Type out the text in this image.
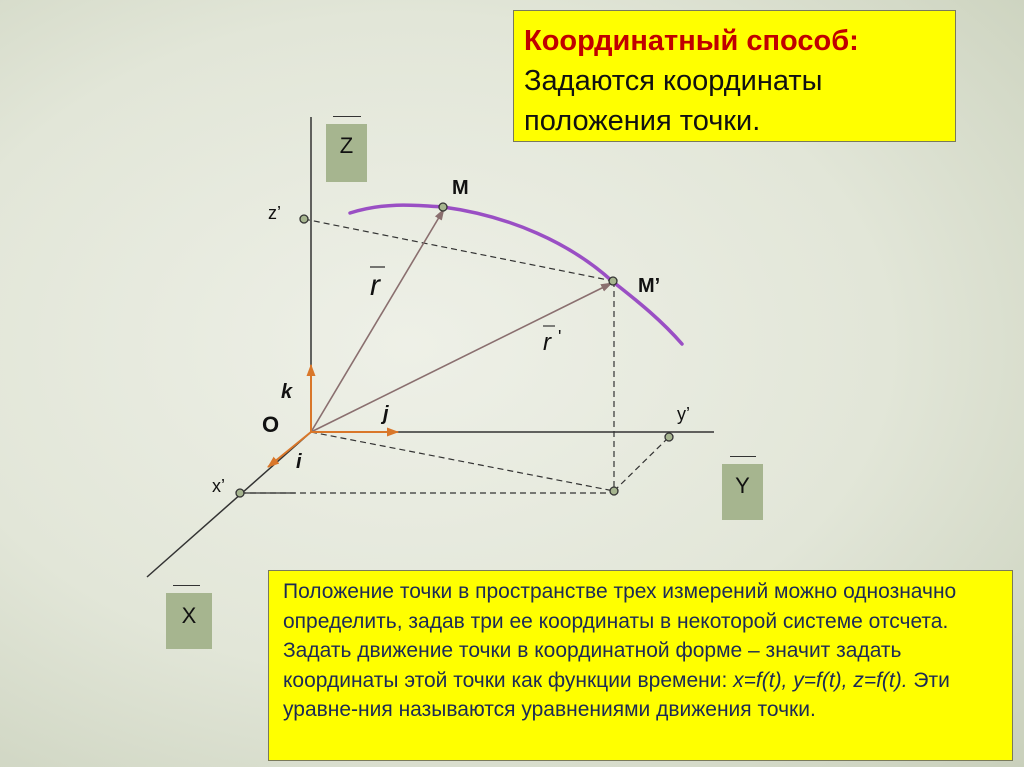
O
M
M’
z’
y’
x’
k
j
i
r
r '
Z
Y
X
Координатный способ:
Задаются координаты
положения точки.
Положение точки в пространстве трех измерений можно однозначно определить, задав три ее координаты в некоторой системе отсчета. Задать движение точки в координатной форме – значит задать координаты этой точки как функции времени: x=f(t), y=f(t), z=f(t). Эти уравне-ния называются уравнениями движения точки.
